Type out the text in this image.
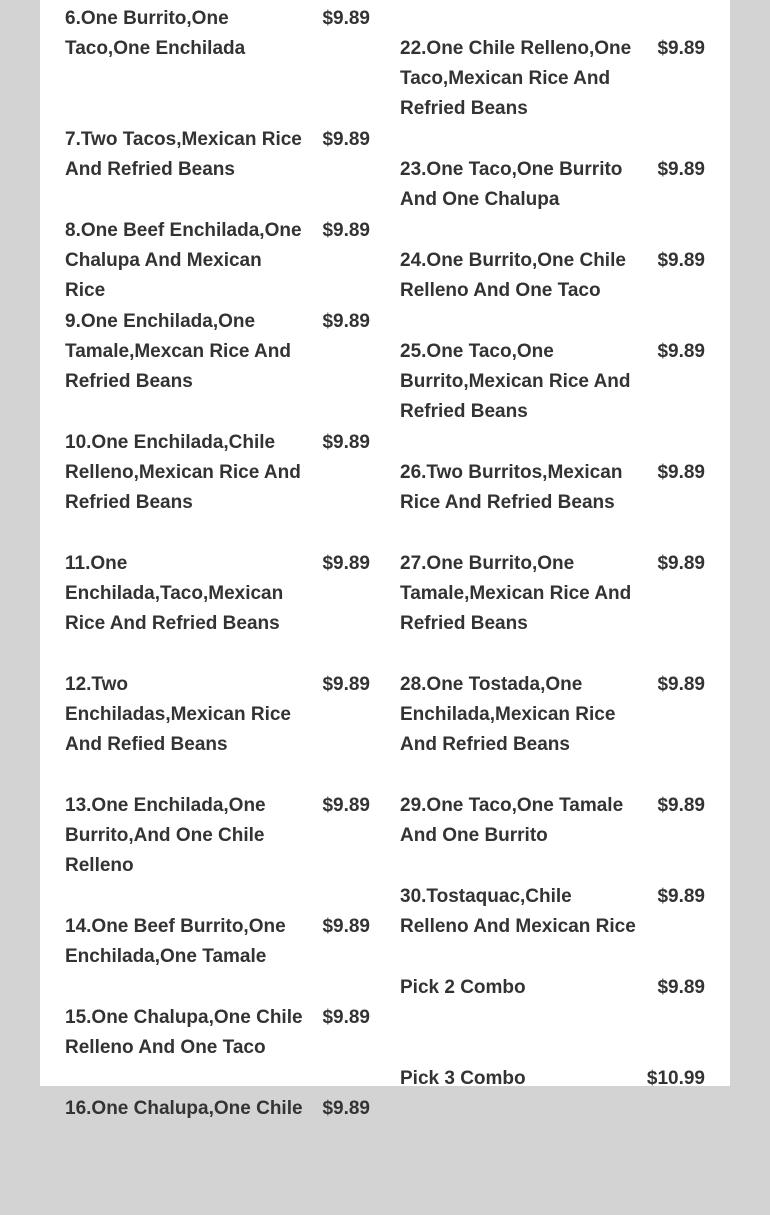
6.One Burrito,One Taco,One Enchilada
$9.89
7.Two Tacos,Mexican Rice And Refried Beans
$9.89
8.One Beef Enchilada,One Chalupa And Mexican Rice
$9.89
9.One Enchilada,One Tamale,Mexcan Rice And Refried Beans
$9.89
10.One Enchilada,Chile Relleno,Mexican Rice And Refried Beans
$9.89
11.One Enchilada,Taco,Mexican Rice And Refried Beans
$9.89
12.Two Enchiladas,Mexican Rice And Refied Beans
$9.89
13.One Enchilada,One Burrito,And One Chile Relleno
$9.89
14.One Beef Burrito,One Enchilada,One Tamale
$9.89
15.One Chalupa,One Chile Relleno And One Taco
$9.89
16.One Chalupa,One Chile $9.89
22.One Chile Relleno,One Taco,Mexican Rice And Refried Beans
$9.89
23.One Taco,One Burrito And One Chalupa
$9.89
24.One Burrito,One Chile Relleno And One Taco
$9.89
25.One Taco,One Burrito,Mexican Rice And Refried Beans
$9.89
26.Two Burritos,Mexican Rice And Refried Beans
$9.89
27.One Burrito,One Tamale,Mexican Rice And Refried Beans
$9.89
28.One Tostada,One Enchilada,Mexican Rice And Refried Beans
$9.89
29.One Taco,One Tamale And One Burrito
$9.89
30.Tostaquac,Chile Relleno And Mexican Rice
$9.89
Pick 2 Combo	$9.89
Pick 3 Combo	$10.99
